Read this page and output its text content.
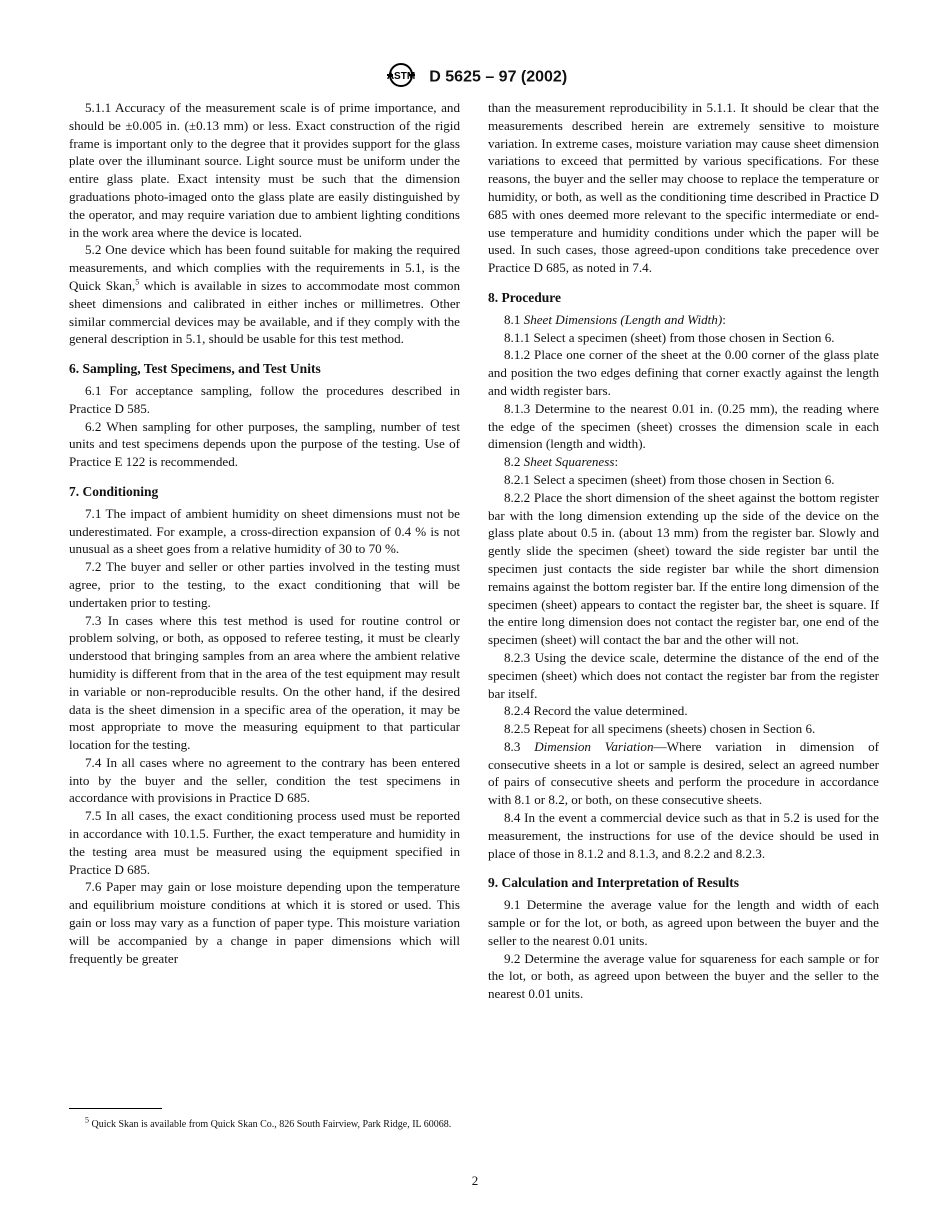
ASTM D 5625 – 97 (2002)

5.1.1 Accuracy of the measurement scale is of prime importance, and should be ±0.005 in. (±0.13 mm) or less. Exact construction of the rigid frame is important only to the degree that it provides support for the glass plate over the illuminant source. Light source must be uniform under the entire glass plate. Exact intensity must be such that the dimension graduations photo-imaged onto the glass plate are easily distinguished by the operator, and may require variation due to ambient lighting conditions in the work area where the device is located.

5.2 One device which has been found suitable for making the required measurements, and which complies with the requirements in 5.1, is the Quick Skan,$^5$ which is available in sizes to accommodate most common sheet dimensions and calibrated in either inches or millimetres. Other similar commercial devices may be available, and if they comply with the general description in 5.1, should be usable for this test method.

6. Sampling, Test Specimens, and Test Units

6.1 For acceptance sampling, follow the procedures described in Practice D 585.

6.2 When sampling for other purposes, the sampling, number of test units and test specimens depends upon the purpose of the testing. Use of Practice E 122 is recommended.

7. Conditioning

7.1 The impact of ambient humidity on sheet dimensions must not be underestimated. For example, a cross-direction expansion of 0.4 % is not unusual as a sheet goes from a relative humidity of 30 to 70 %.

7.2 The buyer and seller or other parties involved in the testing must agree, prior to the testing, to the exact conditioning that will be undertaken prior to testing.

7.3 In cases where this test method is used for routine control or problem solving, or both, as opposed to referee testing, it must be clearly understood that bringing samples from an area where the ambient relative humidity is different from that in the area of the test equipment may result in variable or non-reproducible results. On the other hand, if the desired data is the sheet dimension in a specific area of the operation, it may be most appropriate to move the measuring equipment to that particular location for the testing.

7.4 In all cases where no agreement to the contrary has been entered into by the buyer and the seller, condition the test specimens in accordance with provisions in Practice D 685.

7.5 In all cases, the exact conditioning process used must be reported in accordance with 10.1.5. Further, the exact temperature and humidity in the testing area must be measured using the equipment specified in Practice D 685.

7.6 Paper may gain or lose moisture depending upon the temperature and equilibrium moisture conditions at which it is stored or used. This gain or loss may vary as a function of paper type. This moisture variation will be accompanied by a change in paper dimensions which will frequently be greater

than the measurement reproducibility in 5.1.1. It should be clear that the measurements described herein are extremely sensitive to moisture variation. In extreme cases, moisture variation may cause sheet dimension variations to exceed that permitted by various specifications. For these reasons, the buyer and the seller may choose to replace the temperature or humidity, or both, as well as the conditioning time described in Practice D 685 with ones deemed more relevant to the specific intermediate or end-use temperature and humidity conditions under which the paper will be used. In such cases, those agreed-upon conditions take precedence over Practice D 685, as noted in 7.4.

8. Procedure

8.1 Sheet Dimensions (Length and Width):

8.1.1 Select a specimen (sheet) from those chosen in Section 6.

8.1.2 Place one corner of the sheet at the 0.00 corner of the glass plate and position the two edges defining that corner exactly against the length and width register bars.

8.1.3 Determine to the nearest 0.01 in. (0.25 mm), the reading where the edge of the specimen (sheet) crosses the dimension scale in each dimension (length and width).

8.2 Sheet Squareness:

8.2.1 Select a specimen (sheet) from those chosen in Section 6.

8.2.2 Place the short dimension of the sheet against the bottom register bar with the long dimension extending up the side of the device on the glass plate about 0.5 in. (about 13 mm) from the register bar. Slowly and gently slide the specimen (sheet) toward the side register bar until the specimen just contacts the side register bar while the short dimension remains against the bottom register bar. If the entire long dimension of the specimen (sheet) appears to contact the register bar, the sheet is square. If the entire long dimension does not contact the register bar, one end of the specimen (sheet) will contact the bar and the other will not.

8.2.3 Using the device scale, determine the distance of the end of the specimen (sheet) which does not contact the register bar from the register bar itself.

8.2.4 Record the value determined.

8.2.5 Repeat for all specimens (sheets) chosen in Section 6.

8.3 Dimension Variation—Where variation in dimension of consecutive sheets in a lot or sample is desired, select an agreed number of pairs of consecutive sheets and perform the procedure in accordance with 8.1 or 8.2, or both, on these consecutive sheets.

8.4 In the event a commercial device such as that in 5.2 is used for the measurement, the instructions for use of the device should be used in place of those in 8.1.2 and 8.1.3, and 8.2.2 and 8.2.3.

9. Calculation and Interpretation of Results

9.1 Determine the average value for the length and width of each sample or for the lot, or both, as agreed upon between the buyer and the seller to the nearest 0.01 units.

9.2 Determine the average value for squareness for each sample or for the lot, or both, as agreed upon between the buyer and the seller to the nearest 0.01 units.

$^5$ Quick Skan is available from Quick Skan Co., 826 South Fairview, Park Ridge, IL 60068.

2
